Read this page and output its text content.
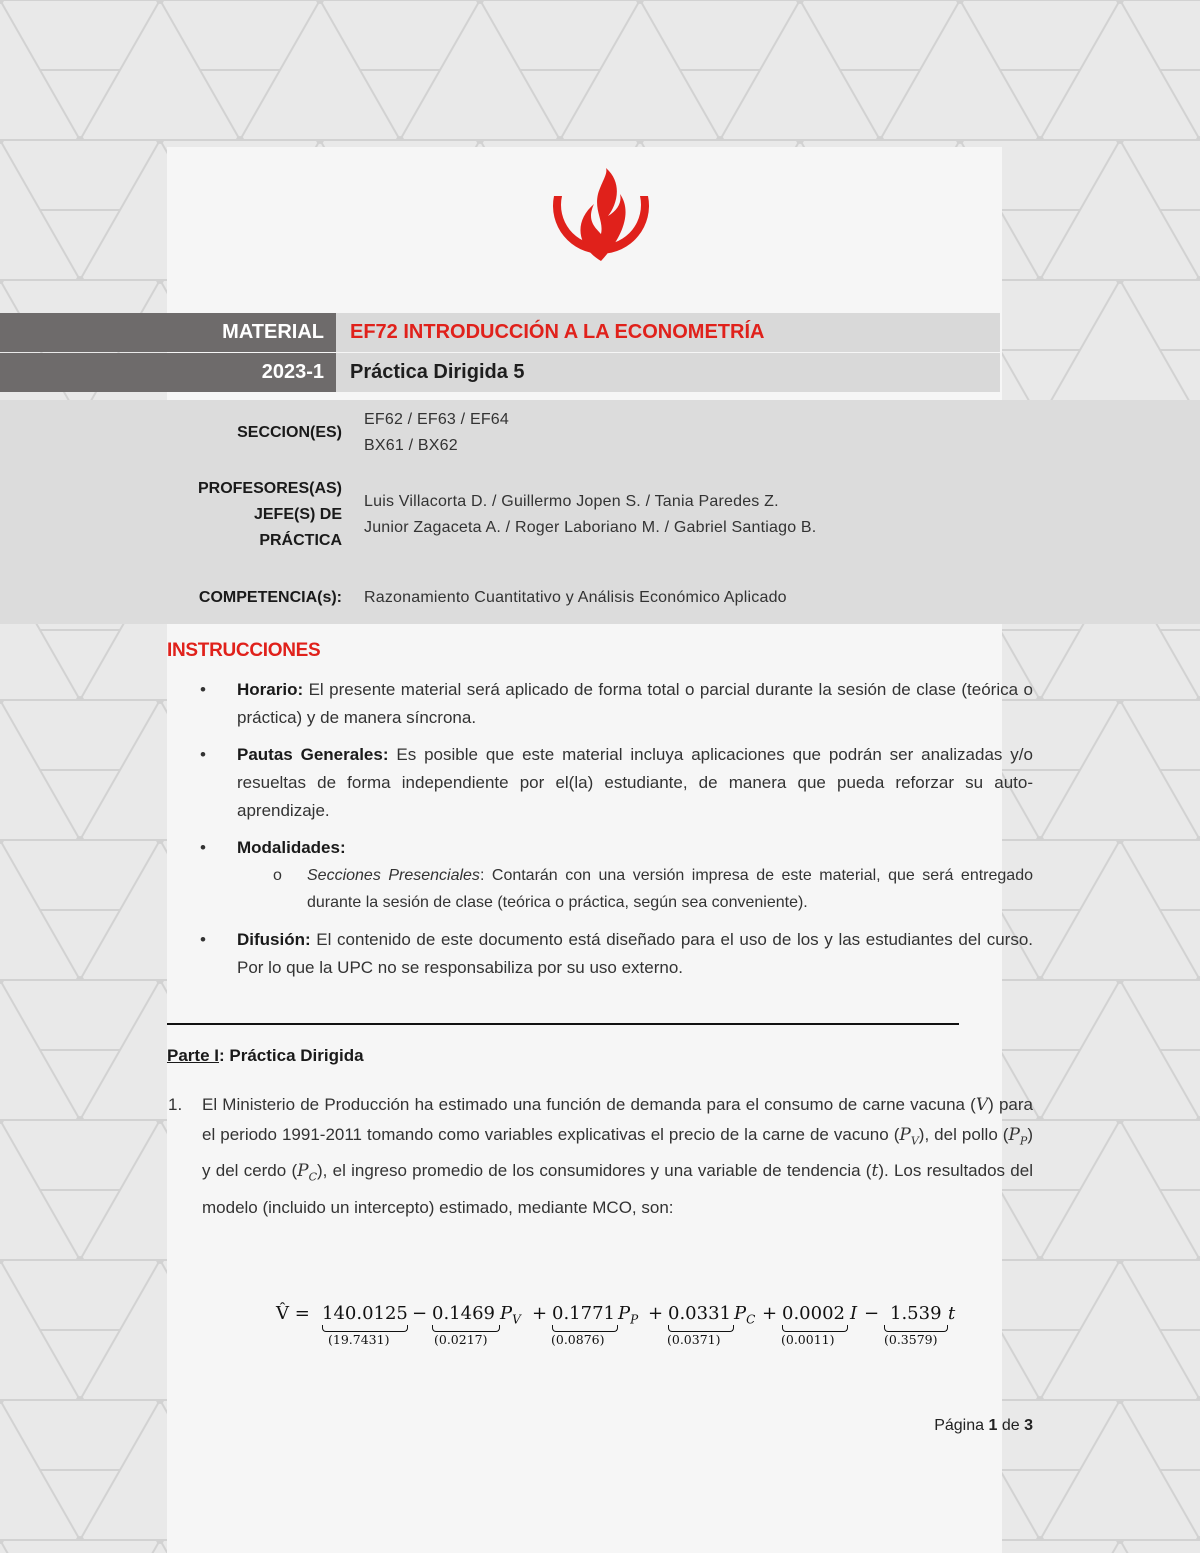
MATERIAL	EF72 INTRODUCCIÓN A LA ECONOMETRÍA
2023-1	Práctica Dirigida 5
SECCION(ES)
EF62 / EF63 / EF64
BX61 / BX62
PROFESORES(AS)
JEFE(S) DE
PRÁCTICA
Luis Villacorta D. / Guillermo Jopen S. / Tania Paredes Z.
Junior Zagaceta A. / Roger Laboriano M. / Gabriel Santiago B.
COMPETENCIA(s): Razonamiento Cuantitativo y Análisis Económico Aplicado
INSTRUCCIONES
• Horario: El presente material será aplicado de forma total o parcial durante la sesión de clase (teórica o práctica) y de manera síncrona.
• Pautas Generales: Es posible que este material incluya aplicaciones que podrán ser analizadas y/o resueltas de forma independiente por el(la) estudiante, de manera que pueda reforzar su auto-aprendizaje.
• Modalidades:
o Secciones Presenciales: Contarán con una versión impresa de este material, que será entregado durante la sesión de clase (teórica o práctica, según sea conveniente).
• Difusión: El contenido de este documento está diseñado para el uso de los y las estudiantes del curso. Por lo que la UPC no se responsabiliza por su uso externo.
Parte I: Práctica Dirigida
1. El Ministerio de Producción ha estimado una función de demanda para el consumo de carne vacuna (V) para el periodo 1991-2011 tomando como variables explicativas el precio de la carne de vacuno $(P_V)$, del pollo $(P_P)$ y del cerdo $(P_C)$, el ingreso promedio de los consumidores y una variable de tendencia (t). Los resultados del modelo (incluido un intercepto) estimado, mediante MCO, son:
V̂ = 140.0125
(19.7431)
− 0.1469
(0.0217)
$P_V + 0.1771$
(0.0876)
$P_P + 0.0331$
(0.0371)
$P_C + 0.0002$
(0.0011)
I − 1.539
(0.3579)
t
Página 1 de 3
